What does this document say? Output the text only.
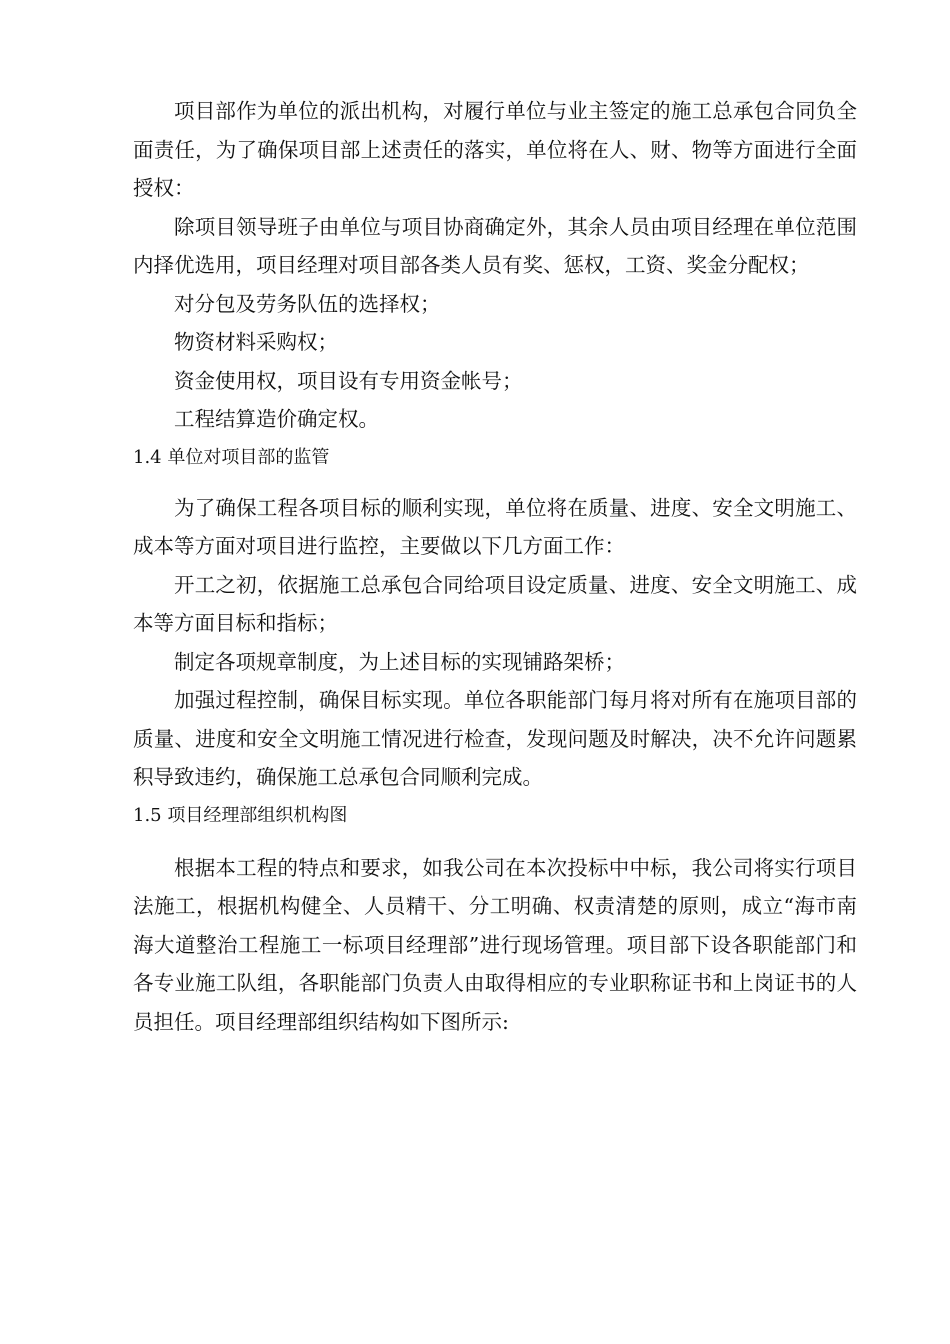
项目部作为单位的派出机构，对履行单位与业主签定的施工总承包合同负全面责任，为了确保项目部上述责任的落实，单位将在人、财、物等方面进行全面授权：

除项目领导班子由单位与项目协商确定外，其余人员由项目经理在单位范围内择优选用，项目经理对项目部各类人员有奖、惩权，工资、奖金分配权；

对分包及劳务队伍的选择权；

物资材料采购权；

资金使用权，项目设有专用资金帐号；

工程结算造价确定权。

1.4 单位对项目部的监管

为了确保工程各项目标的顺利实现，单位将在质量、进度、安全文明施工、成本等方面对项目进行监控，主要做以下几方面工作：

开工之初，依据施工总承包合同给项目设定质量、进度、安全文明施工、成本等方面目标和指标；

制定各项规章制度，为上述目标的实现铺路架桥；

加强过程控制，确保目标实现。单位各职能部门每月将对所有在施项目部的质量、进度和安全文明施工情况进行检查，发现问题及时解决，决不允许问题累积导致违约，确保施工总承包合同顺利完成。

1.5 项目经理部组织机构图

根据本工程的特点和要求，如我公司在本次投标中中标，我公司将实行项目法施工，根据机构健全、人员精干、分工明确、权责清楚的原则，成立“海市南海大道整治工程施工一标项目经理部”进行现场管理。项目部下设各职能部门和各专业施工队组，各职能部门负责人由取得相应的专业职称证书和上岗证书的人员担任。项目经理部组织结构如下图所示:
